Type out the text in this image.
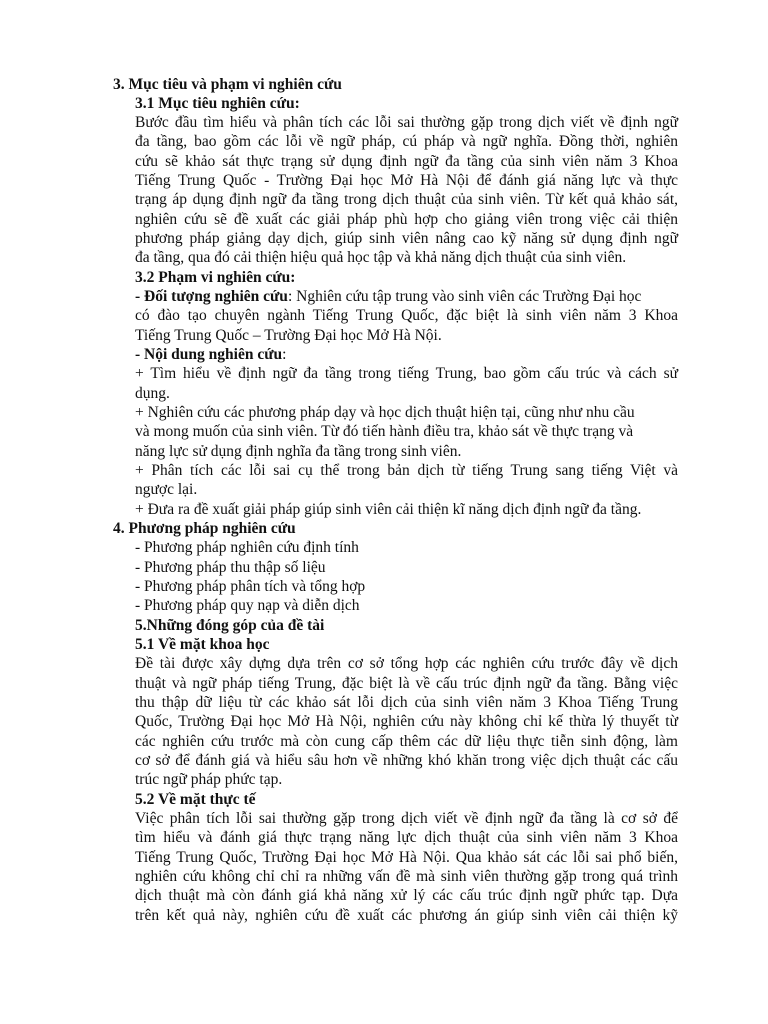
3. Mục tiêu và phạm vi nghiên cứu
3.1 Mục tiêu nghiên cứu:
Bước đầu tìm hiểu và phân tích các lỗi sai thường gặp trong dịch viết về định ngữ
đa tầng, bao gồm các lỗi về ngữ pháp, cú pháp và ngữ nghĩa. Đồng thời, nghiên
cứu sẽ khảo sát thực trạng sử dụng định ngữ đa tầng của sinh viên năm 3 Khoa
Tiếng Trung Quốc - Trường Đại học Mở Hà Nội để đánh giá năng lực và thực
trạng áp dụng định ngữ đa tầng trong dịch thuật của sinh viên. Từ kết quả khảo sát,
nghiên cứu sẽ đề xuất các giải pháp phù hợp cho giảng viên trong việc cải thiện
phương pháp giảng dạy dịch, giúp sinh viên nâng cao kỹ năng sử dụng định ngữ
đa tầng, qua đó cải thiện hiệu quả học tập và khả năng dịch thuật của sinh viên.
3.2 Phạm vi nghiên cứu:
- Đối tượng nghiên cứu: Nghiên cứu tập trung vào sinh viên các Trường Đại học
có đào tạo chuyên ngành Tiếng Trung Quốc, đặc biệt là sinh viên năm 3 Khoa
Tiếng Trung Quốc – Trường Đại học Mở Hà Nội.
- Nội dung nghiên cứu:
+ Tìm hiểu về định ngữ đa tầng trong tiếng Trung, bao gồm cấu trúc và cách sử
dụng.
+ Nghiên cứu các phương pháp dạy và học dịch thuật hiện tại, cũng như nhu cầu
và mong muốn của sinh viên. Từ đó tiến hành điều tra, khảo sát về thực trạng và
năng lực sử dụng định nghĩa đa tầng trong sinh viên.
+ Phân tích các lỗi sai cụ thể trong bản dịch từ tiếng Trung sang tiếng Việt và
ngược lại.
+ Đưa ra đề xuất giải pháp giúp sinh viên cải thiện kĩ năng dịch định ngữ đa tầng.
4. Phương pháp nghiên cứu
- Phương pháp nghiên cứu định tính
- Phương pháp thu thập số liệu
- Phương pháp phân tích và tổng hợp
- Phương pháp quy nạp và diễn dịch
5.Những đóng góp của đề tài
5.1 Về mặt khoa học
Đề tài được xây dựng dựa trên cơ sở tổng hợp các nghiên cứu trước đây về dịch
thuật và ngữ pháp tiếng Trung, đặc biệt là về cấu trúc định ngữ đa tầng. Bằng việc
thu thập dữ liệu từ các khảo sát lỗi dịch của sinh viên năm 3 Khoa Tiếng Trung
Quốc, Trường Đại học Mở Hà Nội, nghiên cứu này không chỉ kế thừa lý thuyết từ
các nghiên cứu trước mà còn cung cấp thêm các dữ liệu thực tiễn sinh động, làm
cơ sở để đánh giá và hiểu sâu hơn về những khó khăn trong việc dịch thuật các cấu
trúc ngữ pháp phức tạp.
5.2 Về mặt thực tế
Việc phân tích lỗi sai thường gặp trong dịch viết về định ngữ đa tầng là cơ sở để
tìm hiểu và đánh giá thực trạng năng lực dịch thuật của sinh viên năm 3 Khoa
Tiếng Trung Quốc, Trường Đại học Mở Hà Nội. Qua khảo sát các lỗi sai phổ biến,
nghiên cứu không chỉ chỉ ra những vấn đề mà sinh viên thường gặp trong quá trình
dịch thuật mà còn đánh giá khả năng xử lý các cấu trúc định ngữ phức tạp. Dựa
trên kết quả này, nghiên cứu đề xuất các phương án giúp sinh viên cải thiện kỹ
